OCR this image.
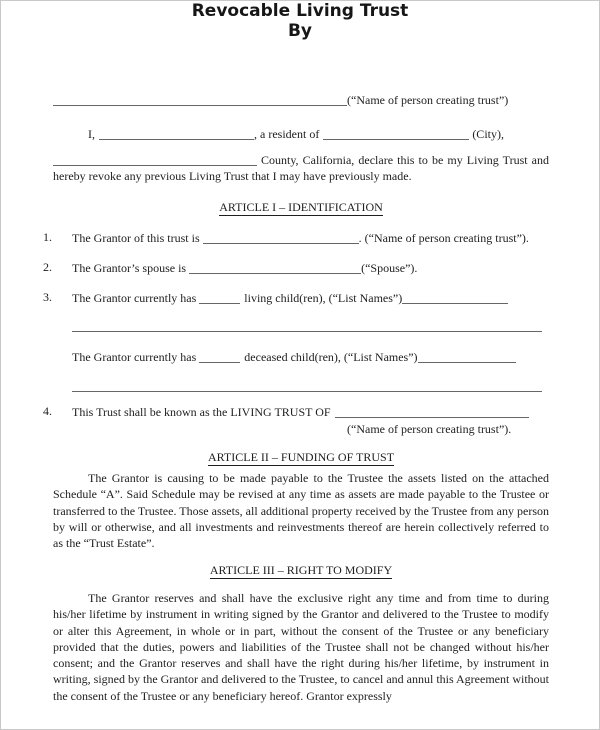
Revocable Living Trust
By
(“Name of person creating trust”)
I,	, a resident of	(City),
County, California, declare this to be my Living Trust and hereby revoke any previous Living Trust that I may have previously made.
ARTICLE I – IDENTIFICATION
1. The Grantor of this trust is	. (“Name of person creating trust”).
2. The Grantor’s spouse is	(“Spouse”).
3. The Grantor currently has	living child(ren), (“List Names”)
The Grantor currently has	deceased child(ren), (“List Names”)
4. This Trust shall be known as the LIVING TRUST OF
(“Name of person creating trust”).
ARTICLE II – FUNDING OF TRUST
The Grantor is causing to be made payable to the Trustee the assets listed on the attached Schedule “A”. Said Schedule may be revised at any time as assets are made payable to the Trustee or transferred to the Trustee. Those assets, all additional property received by the Trustee from any person by will or otherwise, and all investments and reinvestments thereof are herein collectively referred to as the “Trust Estate”.
ARTICLE III – RIGHT TO MODIFY
The Grantor reserves and shall have the exclusive right any time and from time to during his/her lifetime by instrument in writing signed by the Grantor and delivered to the Trustee to modify or alter this Agreement, in whole or in part, without the consent of the Trustee or any beneficiary provided that the duties, powers and liabilities of the Trustee shall not be changed without his/her consent; and the Grantor reserves and shall have the right during his/her lifetime, by instrument in writing, signed by the Grantor and delivered to the Trustee, to cancel and annul this Agreement without the consent of the Trustee or any beneficiary hereof. Grantor expressly
